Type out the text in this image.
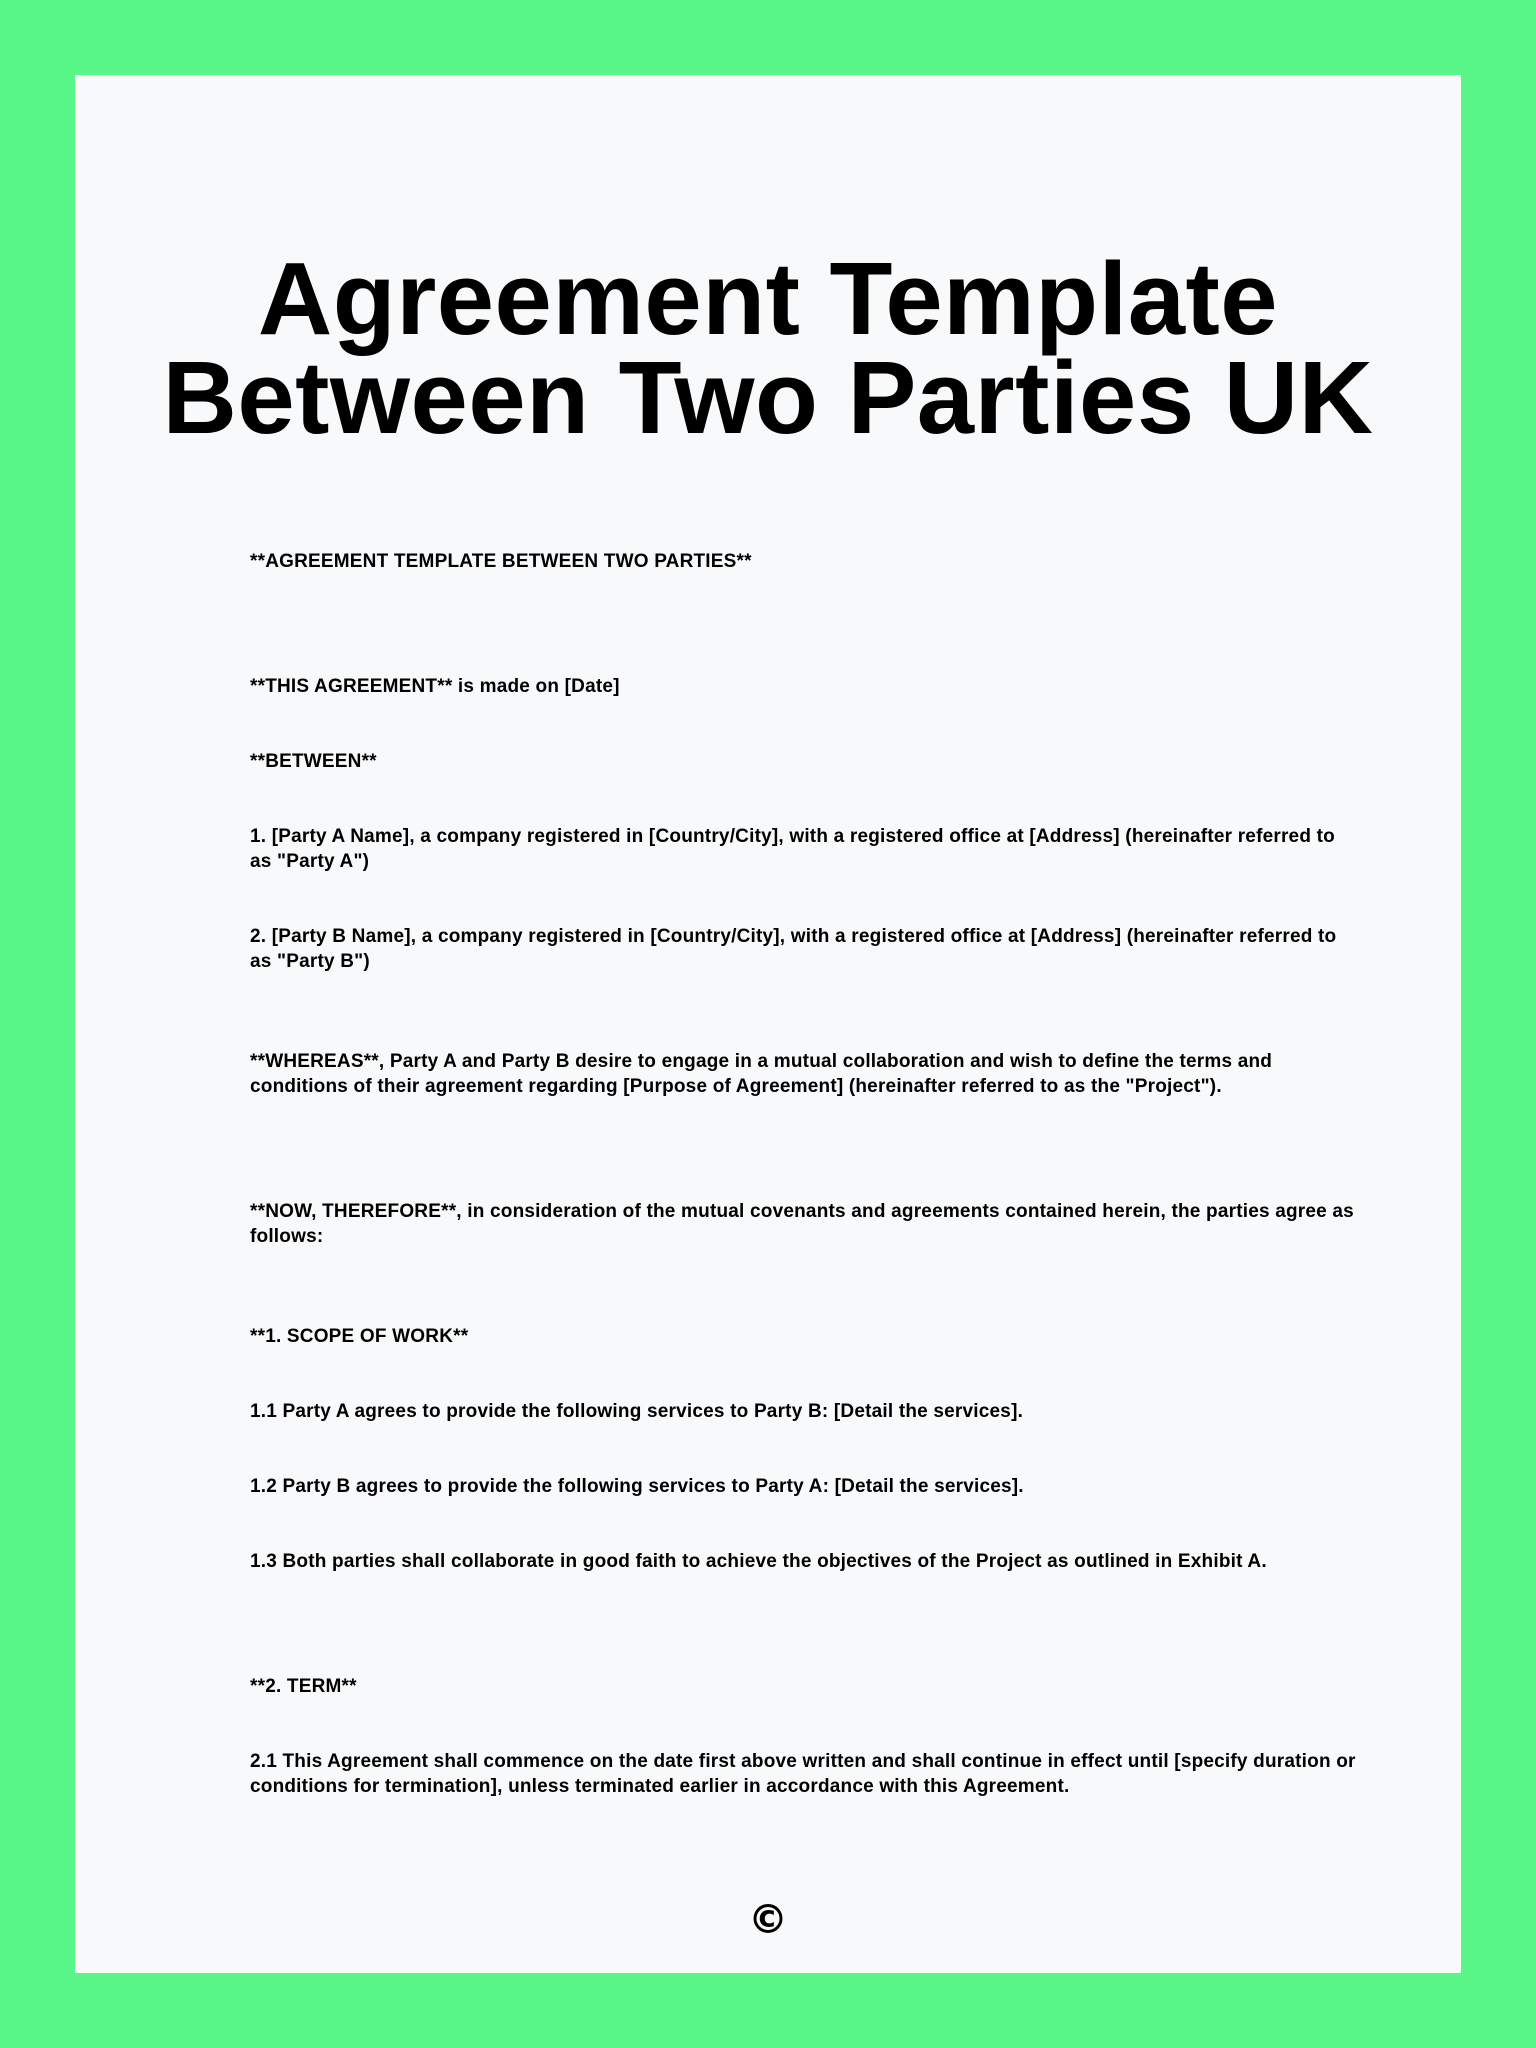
Agreement Template
Between Two Parties UK

**AGREEMENT TEMPLATE BETWEEN TWO PARTIES**

**THIS AGREEMENT** is made on [Date]

**BETWEEN**

1. [Party A Name], a company registered in [Country/City], with a registered office at [Address] (hereinafter referred to as "Party A")

2. [Party B Name], a company registered in [Country/City], with a registered office at [Address] (hereinafter referred to as "Party B")

**WHEREAS**, Party A and Party B desire to engage in a mutual collaboration and wish to define the terms and conditions of their agreement regarding [Purpose of Agreement] (hereinafter referred to as the "Project").

**NOW, THEREFORE**, in consideration of the mutual covenants and agreements contained herein, the parties agree as follows:

**1. SCOPE OF WORK**

1.1 Party A agrees to provide the following services to Party B: [Detail the services].

1.2 Party B agrees to provide the following services to Party A: [Detail the services].

1.3 Both parties shall collaborate in good faith to achieve the objectives of the Project as outlined in Exhibit A.

**2. TERM**

2.1 This Agreement shall commence on the date first above written and shall continue in effect until [specify duration or conditions for termination], unless terminated earlier in accordance with this Agreement.

©
